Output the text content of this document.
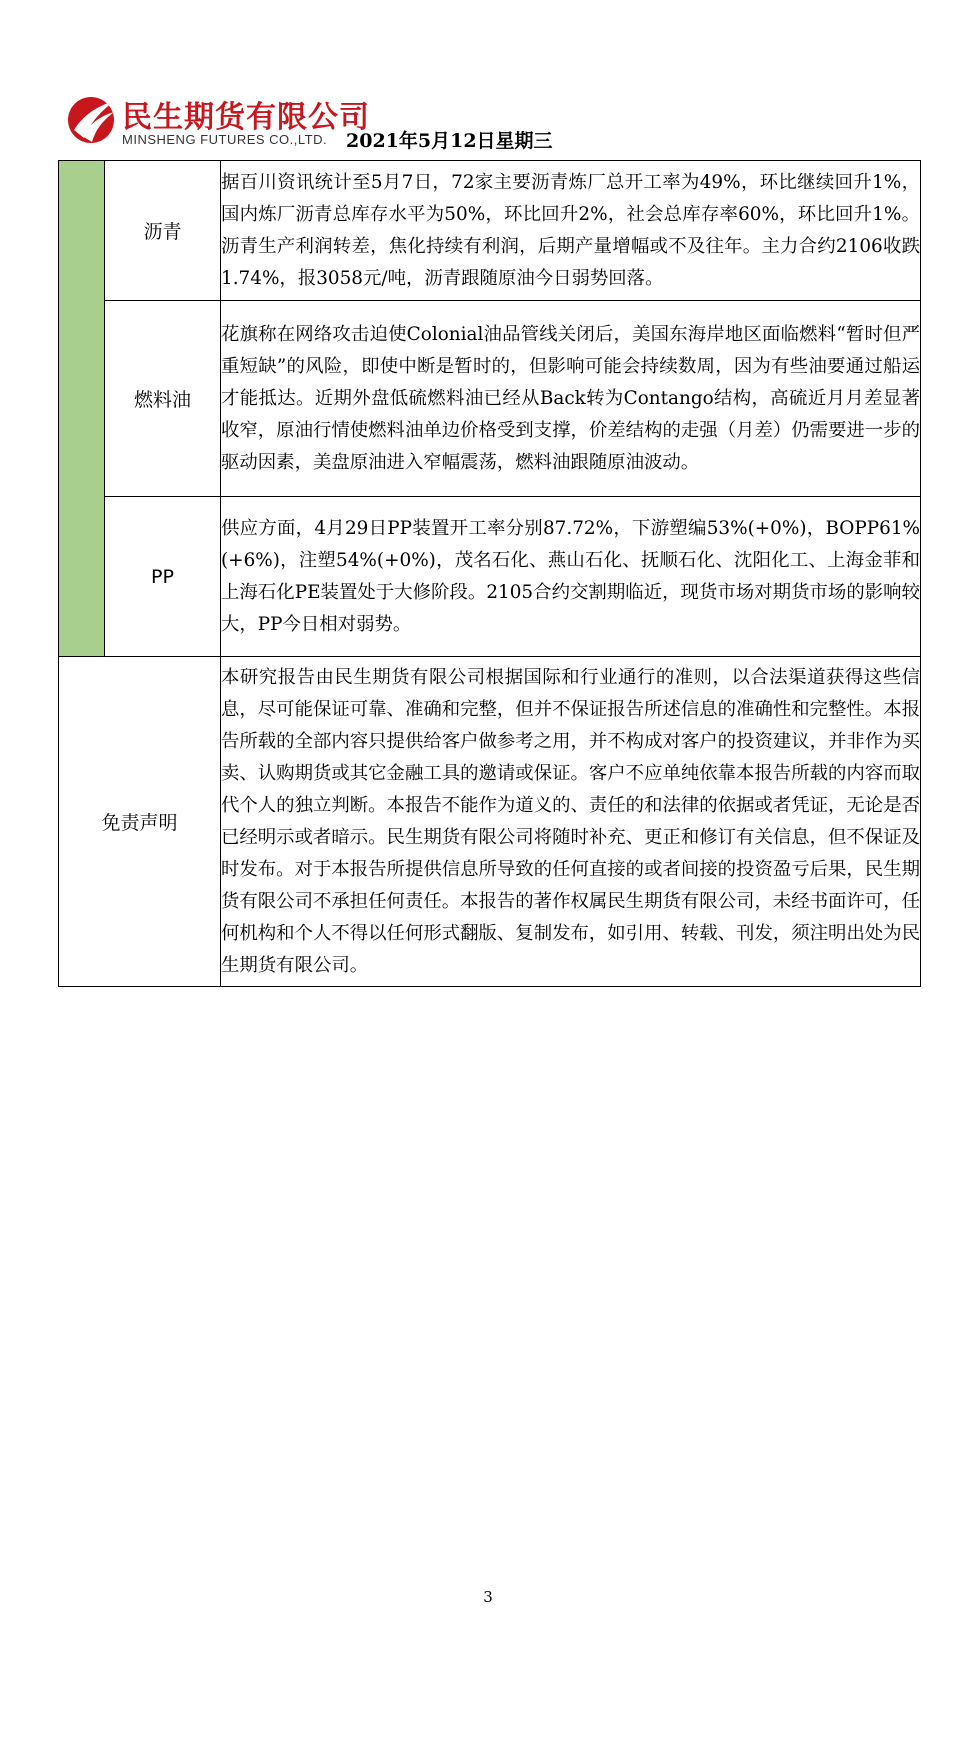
民生期货有限公司
MINSHENG FUTURES CO.,LTD. 2021年5月12日星期三
	沥青	据百川资讯统计至5月7日，72家主要沥青炼厂总开工率为49%，环比继续回升1%，国内炼厂沥青总库存水平为50%，环比回升2%，社会总库存率60%，环比回升1%。沥青生产利润转差，焦化持续有利润，后期产量增幅或不及往年。主力合约2106收跌1.74%，报3058元/吨，沥青跟随原油今日弱势回落。
	燃料油	花旗称在网络攻击迫使Colonial油品管线关闭后，美国东海岸地区面临燃料“暂时但严重短缺”的风险，即使中断是暂时的，但影响可能会持续数周，因为有些油要通过船运才能抵达。近期外盘低硫燃料油已经从Back转为Contango结构，高硫近月月差显著收窄，原油行情使燃料油单边价格受到支撑，价差结构的走强（月差）仍需要进一步的驱动因素，美盘原油进入窄幅震荡，燃料油跟随原油波动。
	PP	供应方面，4月29日PP装置开工率分别87.72%，下游塑编53%(+0%)，BOPP61%(+6%)，注塑54%(+0%)，茂名石化、燕山石化、抚顺石化、沈阳化工、上海金菲和上海石化PE装置处于大修阶段。2105合约交割期临近，现货市场对期货市场的影响较大，PP今日相对弱势。
免责声明		本研究报告由民生期货有限公司根据国际和行业通行的准则，以合法渠道获得这些信息，尽可能保证可靠、准确和完整，但并不保证报告所述信息的准确性和完整性。本报告所载的全部内容只提供给客户做参考之用，并不构成对客户的投资建议，并非作为买卖、认购期货或其它金融工具的邀请或保证。客户不应单纯依靠本报告所载的内容而取代个人的独立判断。本报告不能作为道义的、责任的和法律的依据或者凭证，无论是否已经明示或者暗示。民生期货有限公司将随时补充、更正和修订有关信息，但不保证及时发布。对于本报告所提供信息所导致的任何直接的或者间接的投资盈亏后果，民生期货有限公司不承担任何责任。本报告的著作权属民生期货有限公司，未经书面许可，任何机构和个人不得以任何形式翻版、复制发布，如引用、转载、刊发，须注明出处为民生期货有限公司。
3
